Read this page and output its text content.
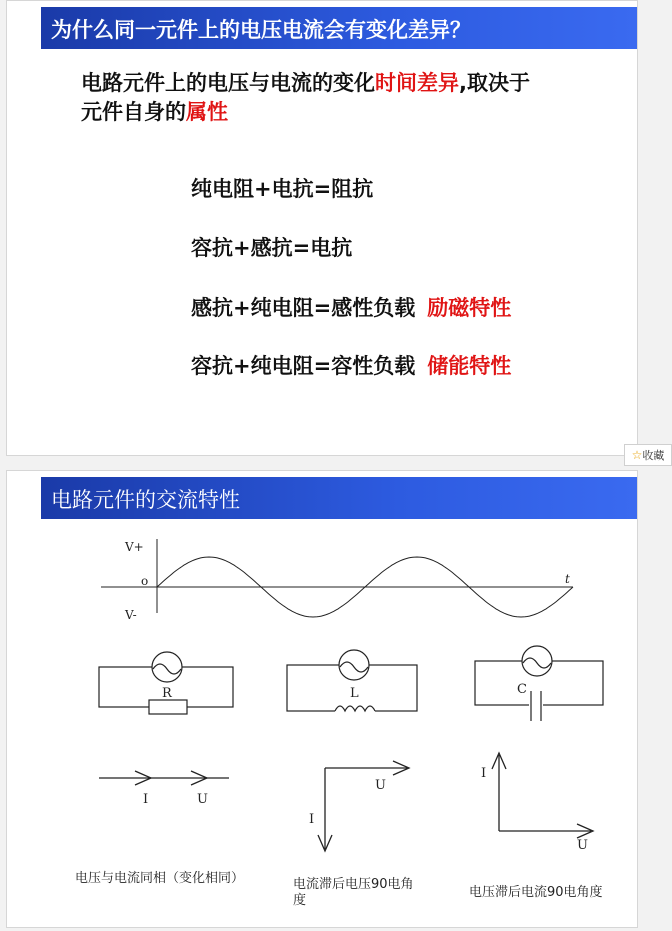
为什么同一元件上的电压电流会有变化差异？
电路元件上的电压与电流的变化时间差异,取决于
元件自身的属性
纯电阻+电抗=阻抗
容抗+感抗=电抗
感抗+纯电阻=感性负载 励磁特性
容抗+纯电阻=容性负载 储能特性
☆收藏
电路元件的交流特性
V+
o
V-
t
R	L	C
I	U
U
I
I
U
电压与电流同相（变化相同）	电流滞后电压90电角度
电压滞后电流90电角度
